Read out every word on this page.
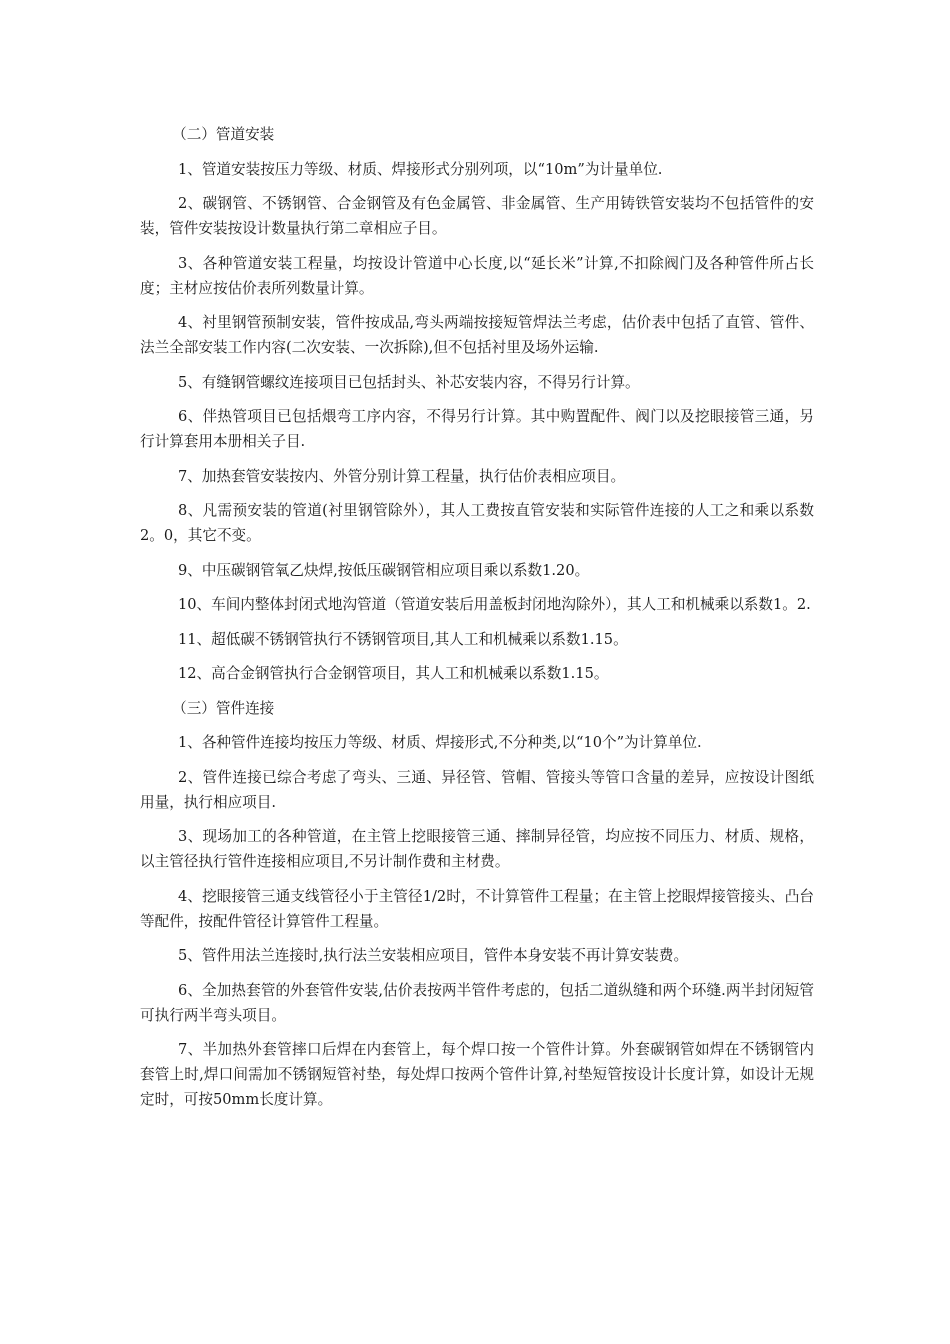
（二）管道安装

1、管道安装按压力等级、材质、焊接形式分别列项，以“10m”为计量单位.

2、碳钢管、不锈钢管、合金钢管及有色金属管、非金属管、生产用铸铁管安装均不包括管件的安装，管件安装按设计数量执行第二章相应子目。

3、各种管道安装工程量，均按设计管道中心长度,以“延长米”计算,不扣除阀门及各种管件所占长度；主材应按估价表所列数量计算。

4、衬里钢管预制安装，管件按成品,弯头两端按接短管焊法兰考虑，估价表中包括了直管、管件、法兰全部安装工作内容(二次安装、一次拆除),但不包括衬里及场外运输.

5、有缝钢管螺纹连接项目已包括封头、补芯安装内容，不得另行计算。

6、伴热管项目已包括煨弯工序内容，不得另行计算。其中购置配件、阀门以及挖眼接管三通，另行计算套用本册相关子目.

7、加热套管安装按内、外管分别计算工程量，执行估价表相应项目。

8、凡需预安装的管道(衬里钢管除外），其人工费按直管安装和实际管件连接的人工之和乘以系数2。0，其它不变。

9、中压碳钢管氧乙炔焊,按低压碳钢管相应项目乘以系数1.20。

10、车间内整体封闭式地沟管道（管道安装后用盖板封闭地沟除外），其人工和机械乘以系数1。2.

11、超低碳不锈钢管执行不锈钢管项目,其人工和机械乘以系数1.15。

12、高合金钢管执行合金钢管项目，其人工和机械乘以系数1.15。

（三）管件连接

1、各种管件连接均按压力等级、材质、焊接形式,不分种类,以“10个”为计算单位.

2、管件连接已综合考虑了弯头、三通、异径管、管帽、管接头等管口含量的差异，应按设计图纸用量，执行相应项目.

3、现场加工的各种管道，在主管上挖眼接管三通、摔制异径管，均应按不同压力、材质、规格，以主管径执行管件连接相应项目,不另计制作费和主材费。

4、挖眼接管三通支线管径小于主管径1/2时，不计算管件工程量；在主管上挖眼焊接管接头、凸台等配件，按配件管径计算管件工程量。

5、管件用法兰连接时,执行法兰安装相应项目，管件本身安装不再计算安装费。

6、全加热套管的外套管件安装,估价表按两半管件考虑的，包括二道纵缝和两个环缝.两半封闭短管可执行两半弯头项目。

7、半加热外套管摔口后焊在内套管上，每个焊口按一个管件计算。外套碳钢管如焊在不锈钢管内套管上时,焊口间需加不锈钢短管衬垫，每处焊口按两个管件计算,衬垫短管按设计长度计算，如设计无规定时，可按50mm长度计算。
